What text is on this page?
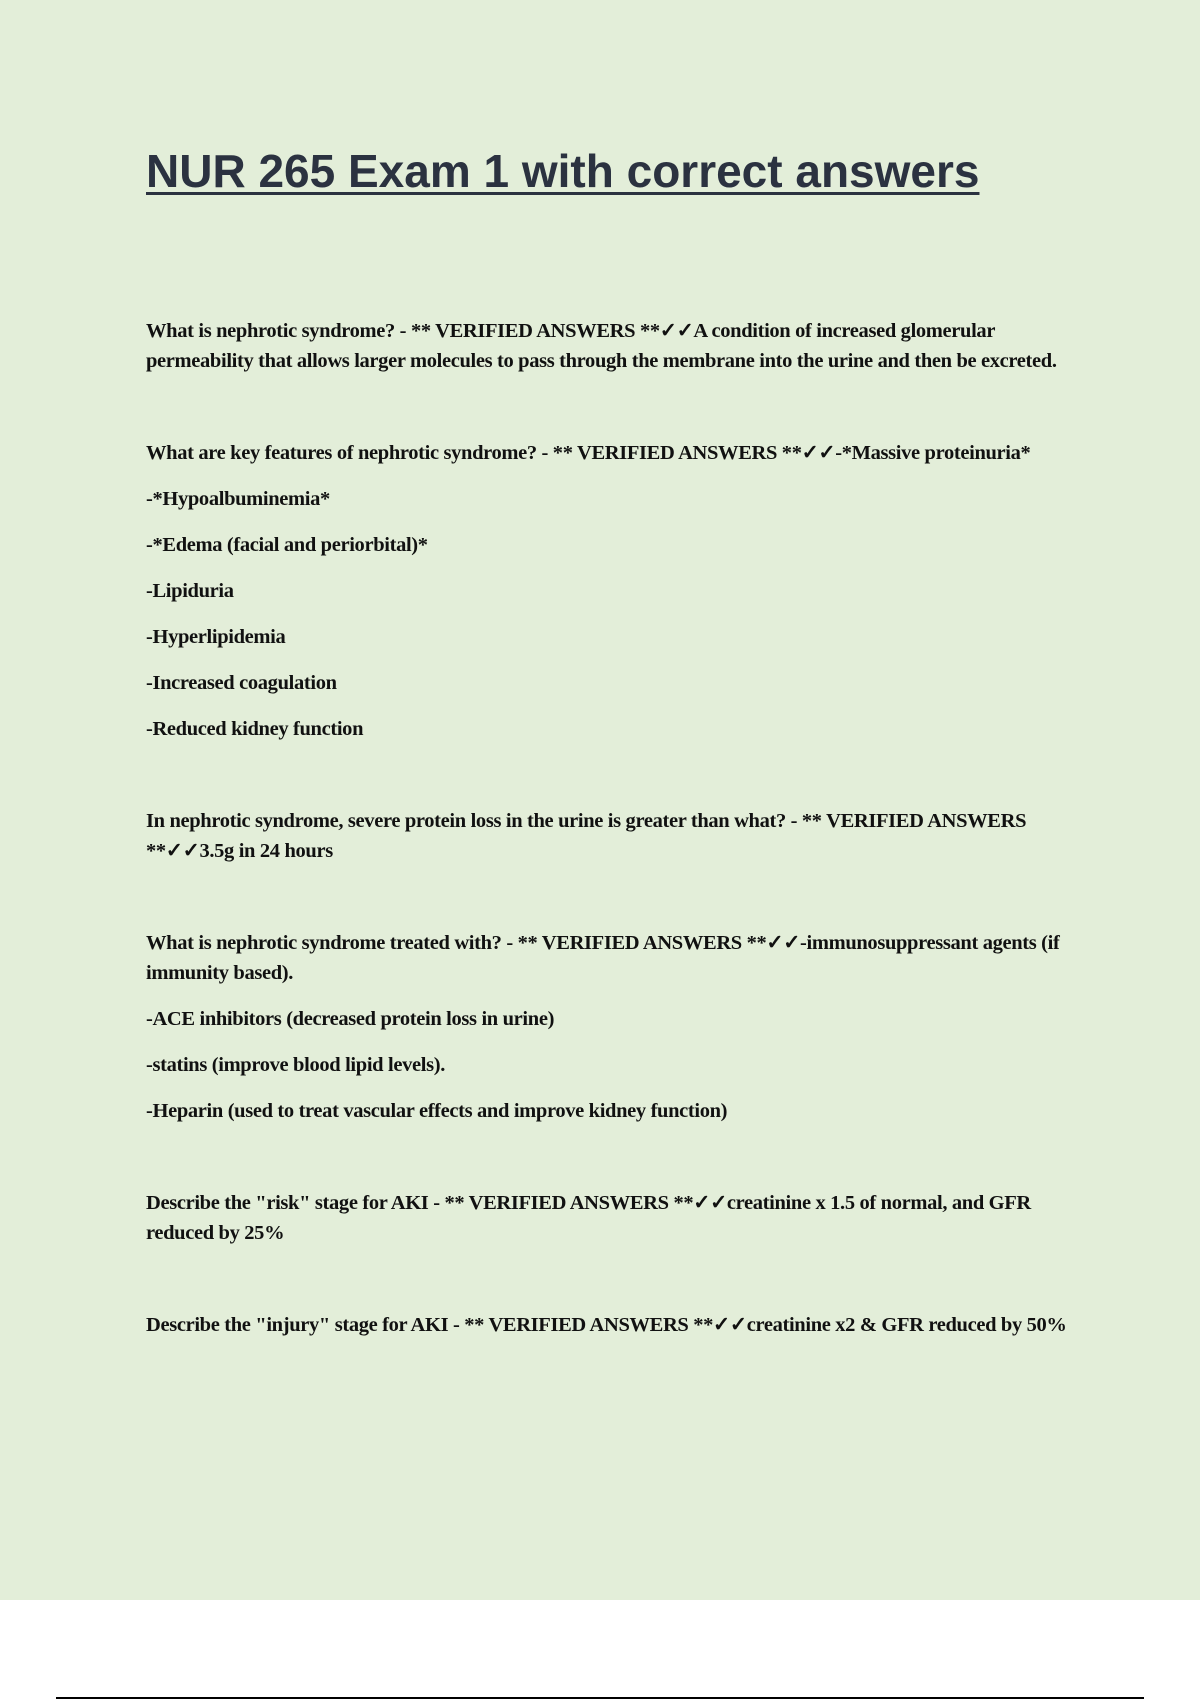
NUR 265 Exam 1 with correct answers

What is nephrotic syndrome? - ** VERIFIED ANSWERS **✓✓A condition of increased glomerular permeability that allows larger molecules to pass through the membrane into the urine and then be excreted.

What are key features of nephrotic syndrome? - ** VERIFIED ANSWERS **✓✓-*Massive proteinuria*

-*Hypoalbuminemia*

-*Edema (facial and periorbital)*

-Lipiduria

-Hyperlipidemia

-Increased coagulation

-Reduced kidney function

In nephrotic syndrome, severe protein loss in the urine is greater than what? - ** VERIFIED ANSWERS **✓✓3.5g in 24 hours

What is nephrotic syndrome treated with? - ** VERIFIED ANSWERS **✓✓-immunosuppressant agents (if immunity based).

-ACE inhibitors (decreased protein loss in urine)

-statins (improve blood lipid levels).

-Heparin (used to treat vascular effects and improve kidney function)

Describe the "risk" stage for AKI - ** VERIFIED ANSWERS **✓✓creatinine x 1.5 of normal, and GFR reduced by 25%

Describe the "injury" stage for AKI - ** VERIFIED ANSWERS **✓✓creatinine x2 & GFR reduced by 50%
